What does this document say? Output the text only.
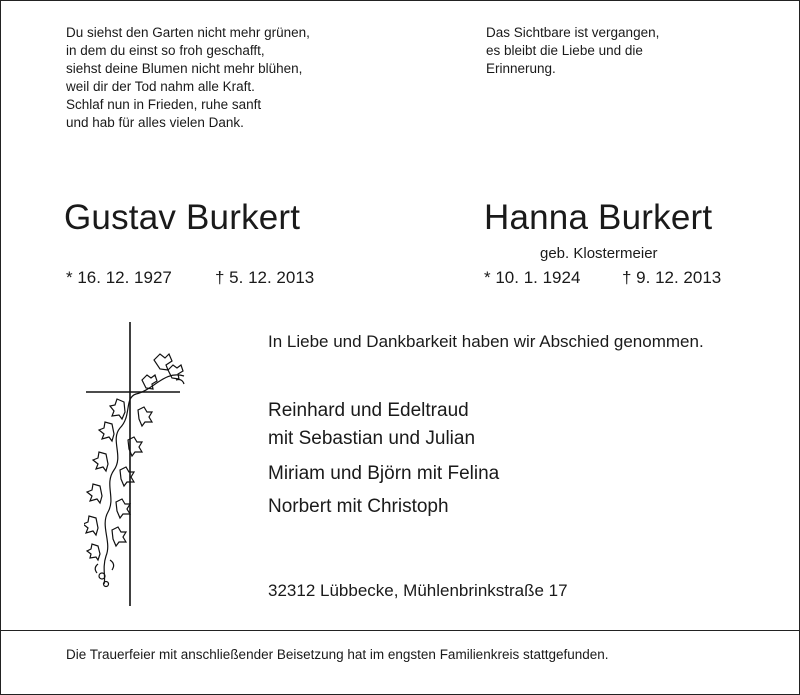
Du siehst den Garten nicht mehr grünen,
in dem du einst so froh geschafft,
siehst deine Blumen nicht mehr blühen,
weil dir der Tod nahm alle Kraft.
Schlaf nun in Frieden, ruhe sanft
und hab für alles vielen Dank.
Das Sichtbare ist vergangen,
es bleibt die Liebe und die
Erinnerung.
Gustav Burkert	Hanna Burkert
geb. Klostermeier
* 16. 12. 1927	† 5. 12. 2013	* 10. 1. 1924 † 9. 12. 2013
In Liebe und Dankbarkeit haben wir Abschied genommen.
Reinhard und Edeltraud
mit Sebastian und Julian
Miriam und Björn mit Felina
Norbert mit Christoph
32312 Lübbecke, Mühlenbrinkstraße 17
Die Trauerfeier mit anschließender Beisetzung hat im engsten Familienkreis stattgefunden.
